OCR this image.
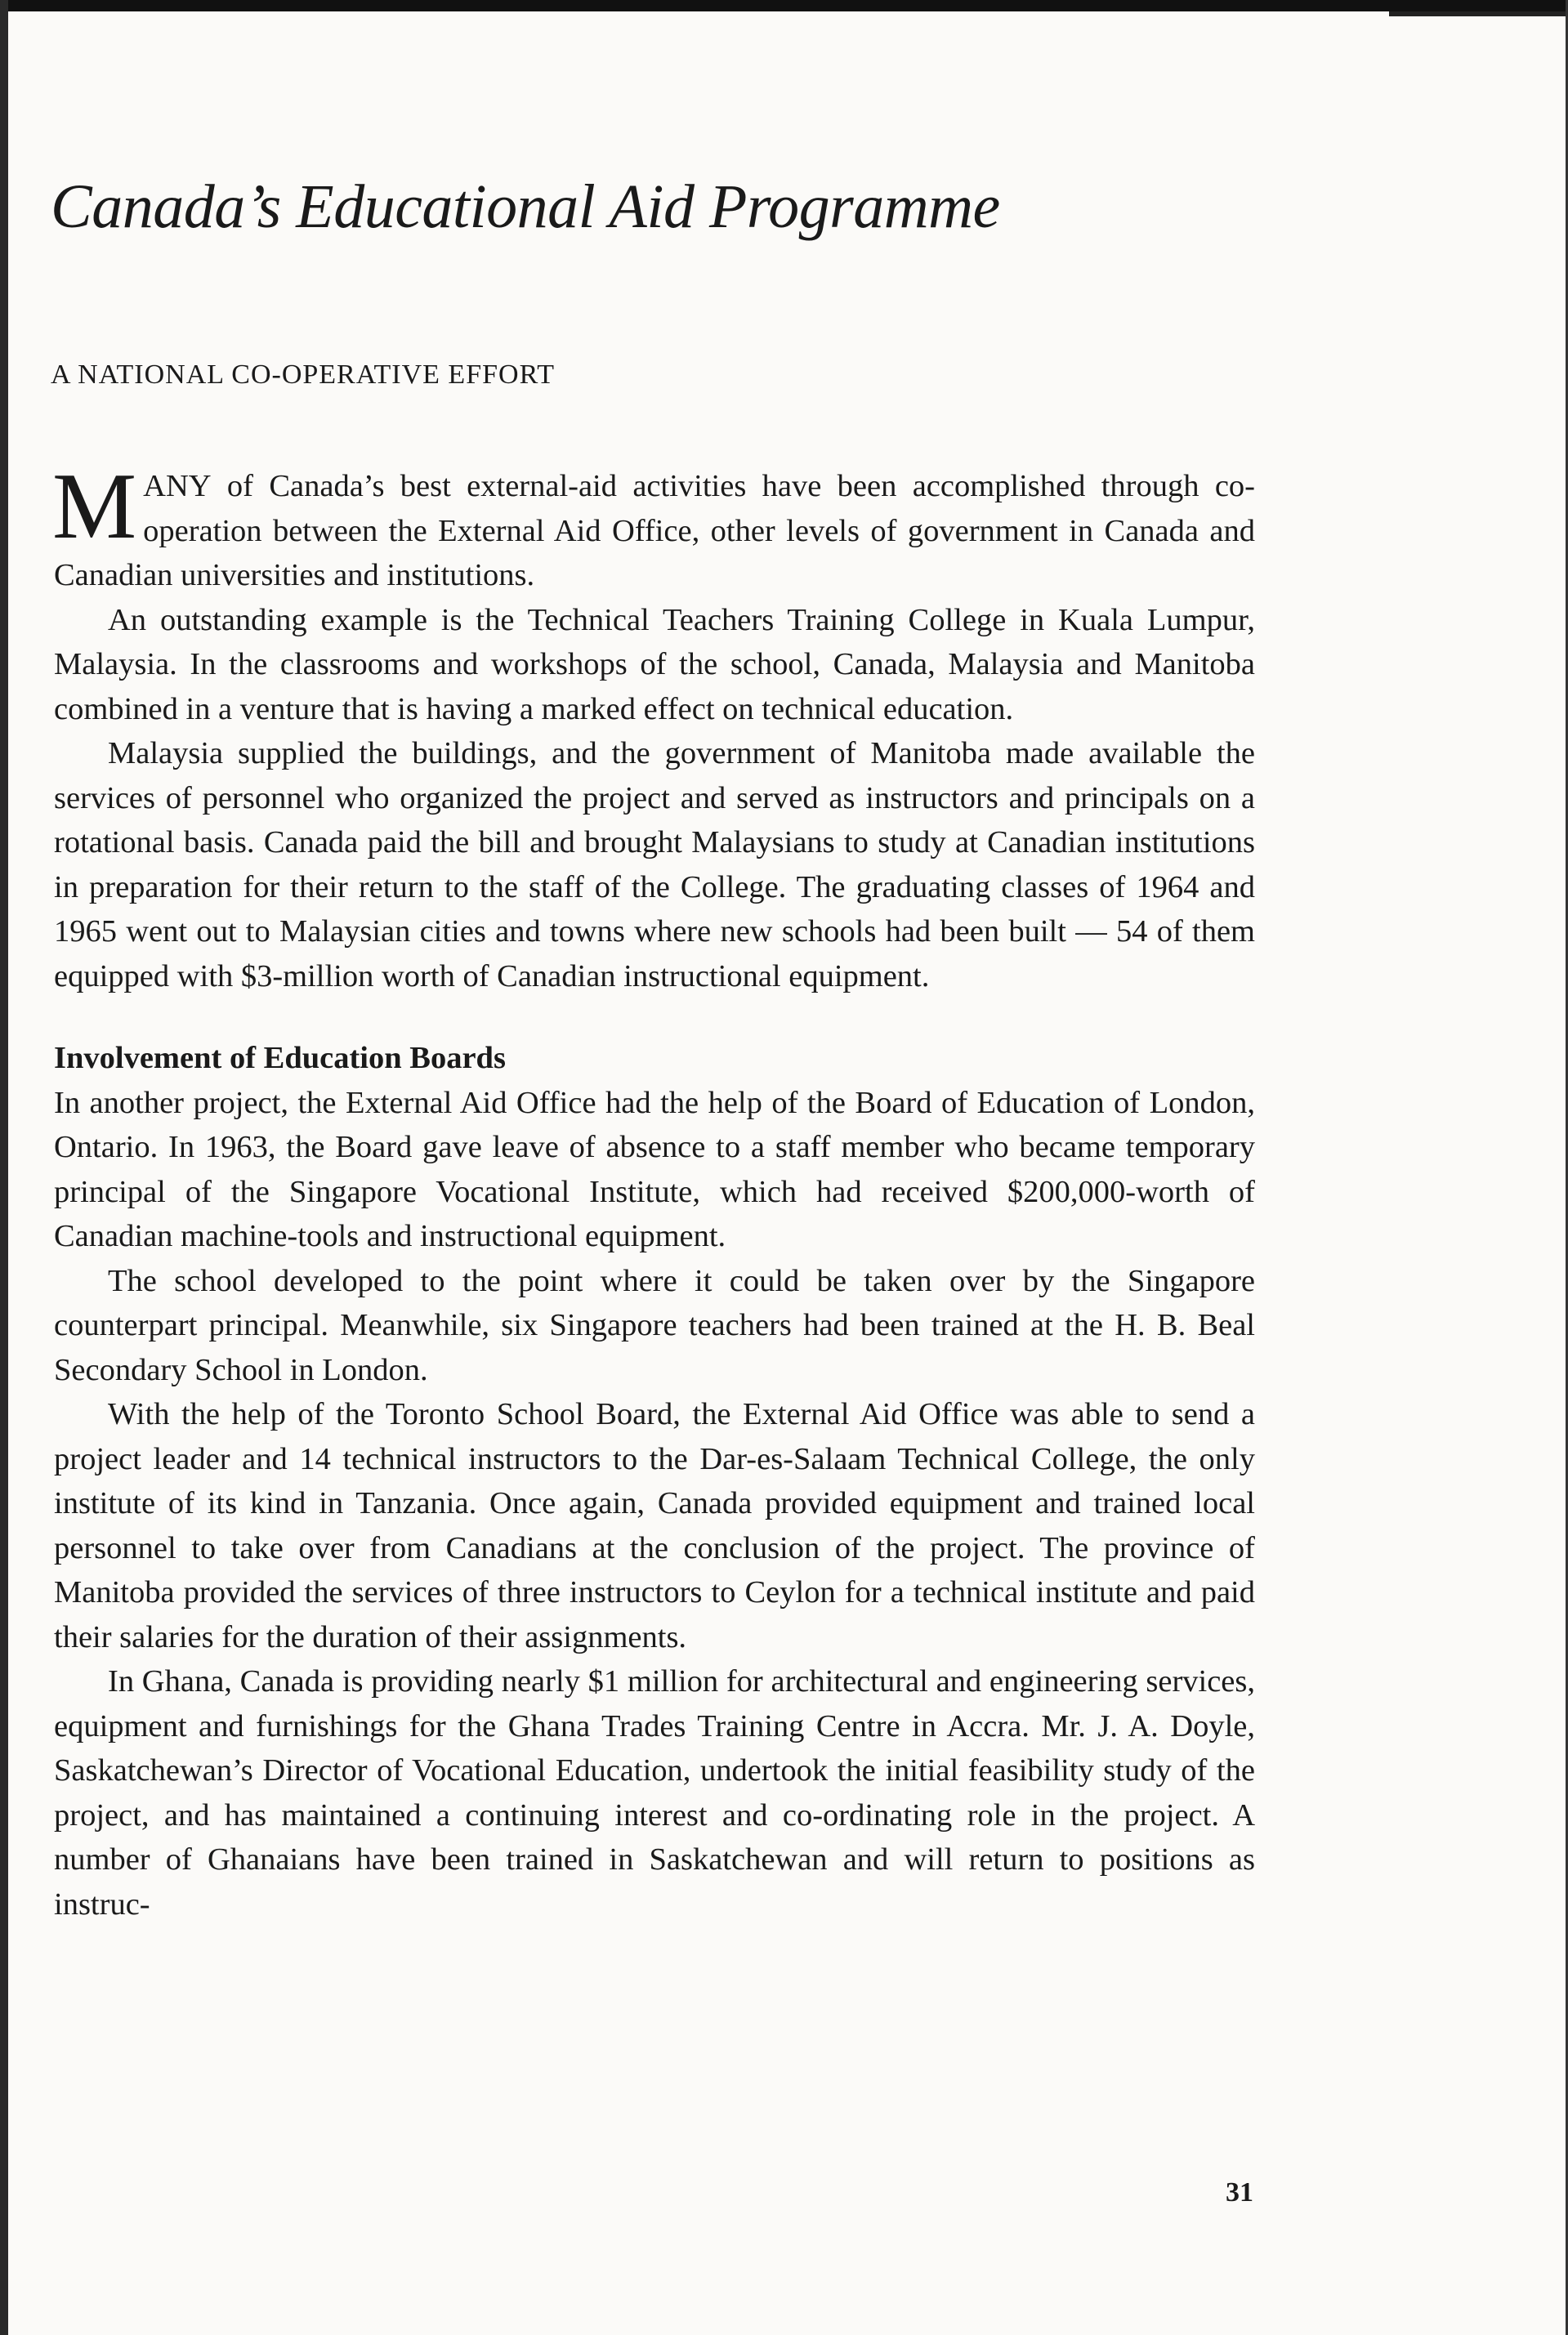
Canada’s Educational Aid Programme
A NATIONAL CO-OPERATIVE EFFORT

MANY of Canada’s best external-aid activities have been accomplished through co-operation between the External Aid Office, other levels of government in Canada and Canadian universities and institutions.

An outstanding example is the Technical Teachers Training College in Kuala Lumpur, Malaysia. In the classrooms and workshops of the school, Canada, Malaysia and Manitoba combined in a venture that is having a marked effect on technical education.

Malaysia supplied the buildings, and the government of Manitoba made available the services of personnel who organized the project and served as instructors and principals on a rotational basis. Canada paid the bill and brought Malaysians to study at Canadian institutions in preparation for their return to the staff of the College. The graduating classes of 1964 and 1965 went out to Malaysian cities and towns where new schools had been built — 54 of them equipped with $3-million worth of Canadian instructional equipment.

Involvement of Education Boards

In another project, the External Aid Office had the help of the Board of Education of London, Ontario. In 1963, the Board gave leave of absence to a staff member who became temporary principal of the Singapore Vocational Institute, which had received $200,000-worth of Canadian machine-tools and instructional equipment.

The school developed to the point where it could be taken over by the Singapore counterpart principal. Meanwhile, six Singapore teachers had been trained at the H. B. Beal Secondary School in London.

With the help of the Toronto School Board, the External Aid Office was able to send a project leader and 14 technical instructors to the Dar-es-Salaam Technical College, the only institute of its kind in Tanzania. Once again, Canada provided equipment and trained local personnel to take over from Canadians at the conclusion of the project. The province of Manitoba provided the services of three instructors to Ceylon for a technical institute and paid their salaries for the duration of their assignments.

In Ghana, Canada is providing nearly $1 million for architectural and engineering services, equipment and furnishings for the Ghana Trades Training Centre in Accra. Mr. J. A. Doyle, Saskatchewan’s Director of Vocational Education, undertook the initial feasibility study of the project, and has maintained a continuing interest and co-ordinating role in the project. A number of Ghanaians have been trained in Saskatchewan and will return to positions as instruc-

31
